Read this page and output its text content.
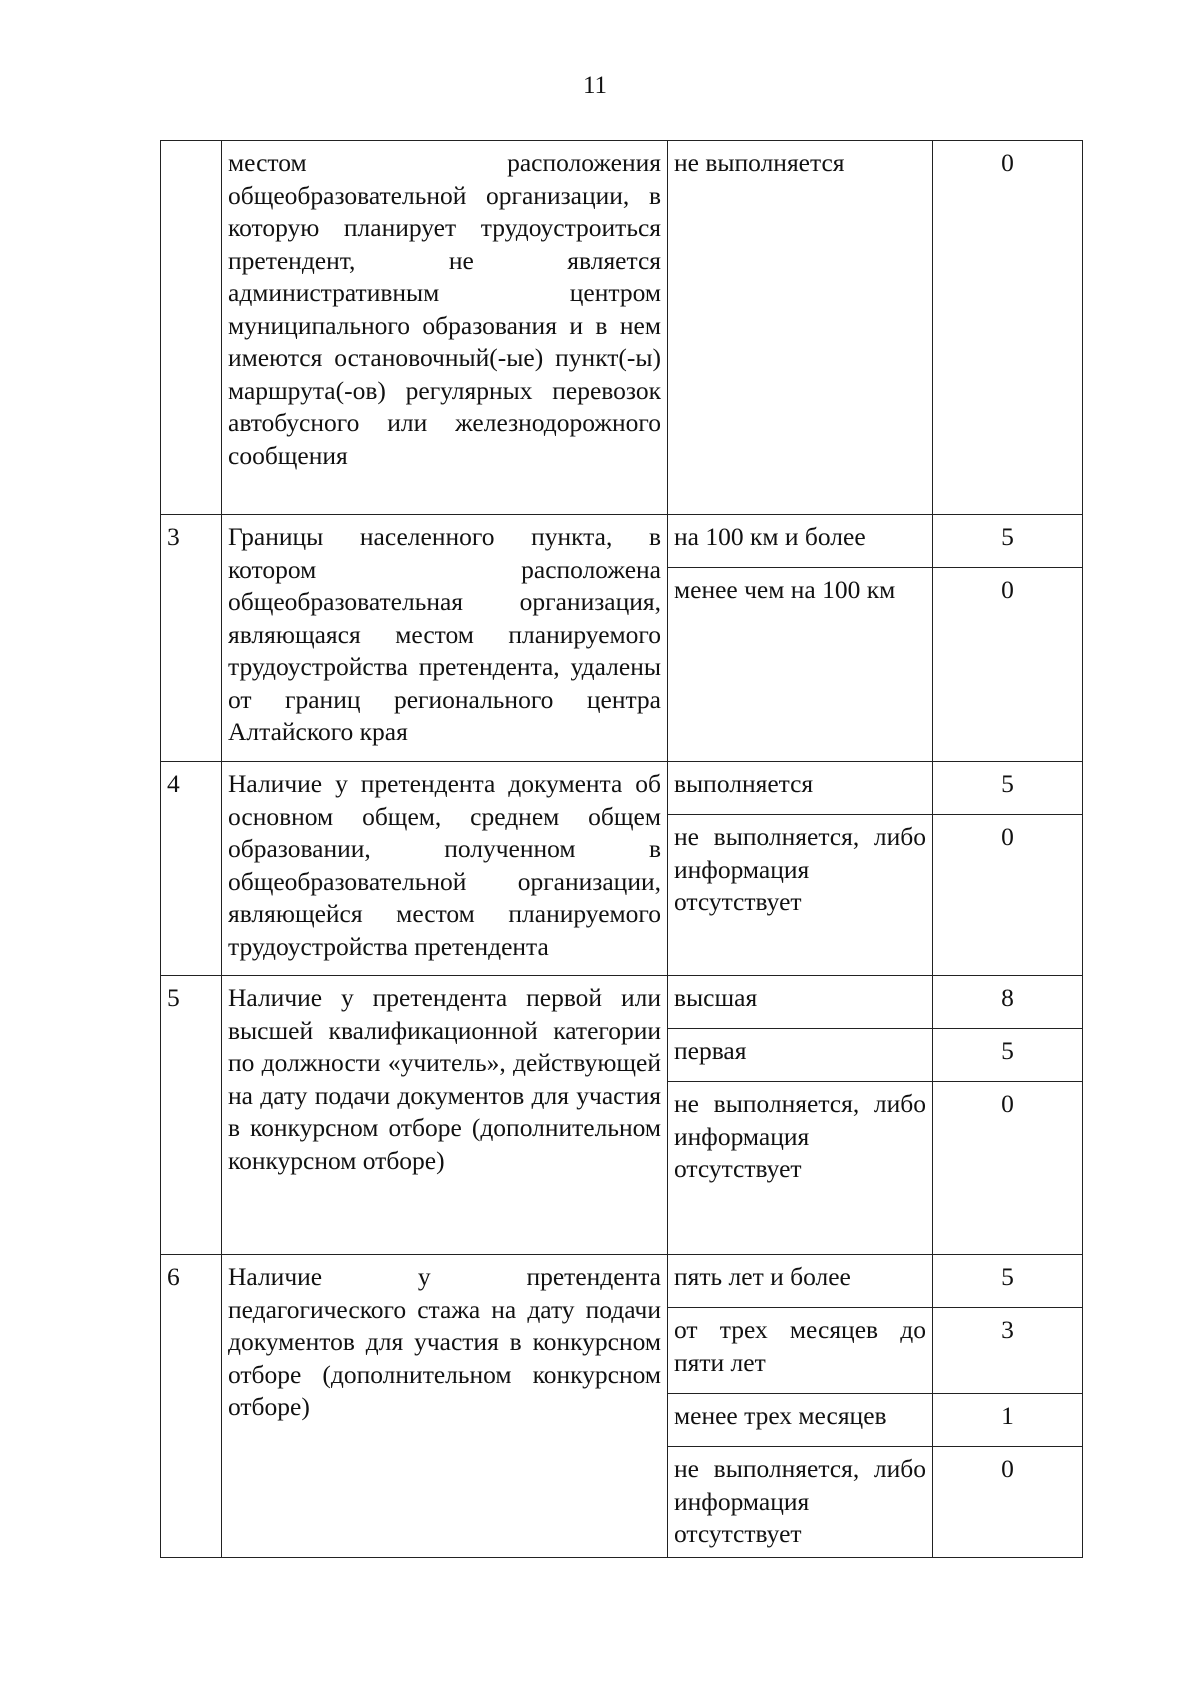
11
	местом расположения общеобразовательной организации, в которую планирует трудоустроиться претендент, не является административным центром муниципального образования и в нем имеются остановочный(-ые) пункт(-ы) маршрута(-ов) регулярных перевозок автобусного или железнодорожного сообщения	не выполняется	0
3	Границы населенного пункта, в котором расположена общеобразовательная организация, являющаяся местом планируемого трудоустройства претендента, удалены от границ регионального центра Алтайского края	на 100 км и более	5
		менее чем на 100 км	0
4	Наличие у претендента документа об основном общем, среднем общем образовании, полученном в общеобразовательной организации, являющейся местом планируемого трудоустройства претендента	выполняется	5
		не выполняется, либо информация отсутствует	0
5	Наличие у претендента первой или высшей квалификационной категории по должности «учитель», действующей на дату подачи документов для участия в конкурсном отборе (дополнительном конкурсном отборе)	высшая	8
		первая	5
		не выполняется, либо информация отсутствует	0
6	Наличие у претендента педагогического стажа на дату подачи документов для участия в конкурсном отборе (дополнительном конкурсном отборе)	пять лет и более	5
		от трех месяцев до пяти лет	3
		менее трех месяцев	1
		не выполняется, либо информация отсутствует	0
